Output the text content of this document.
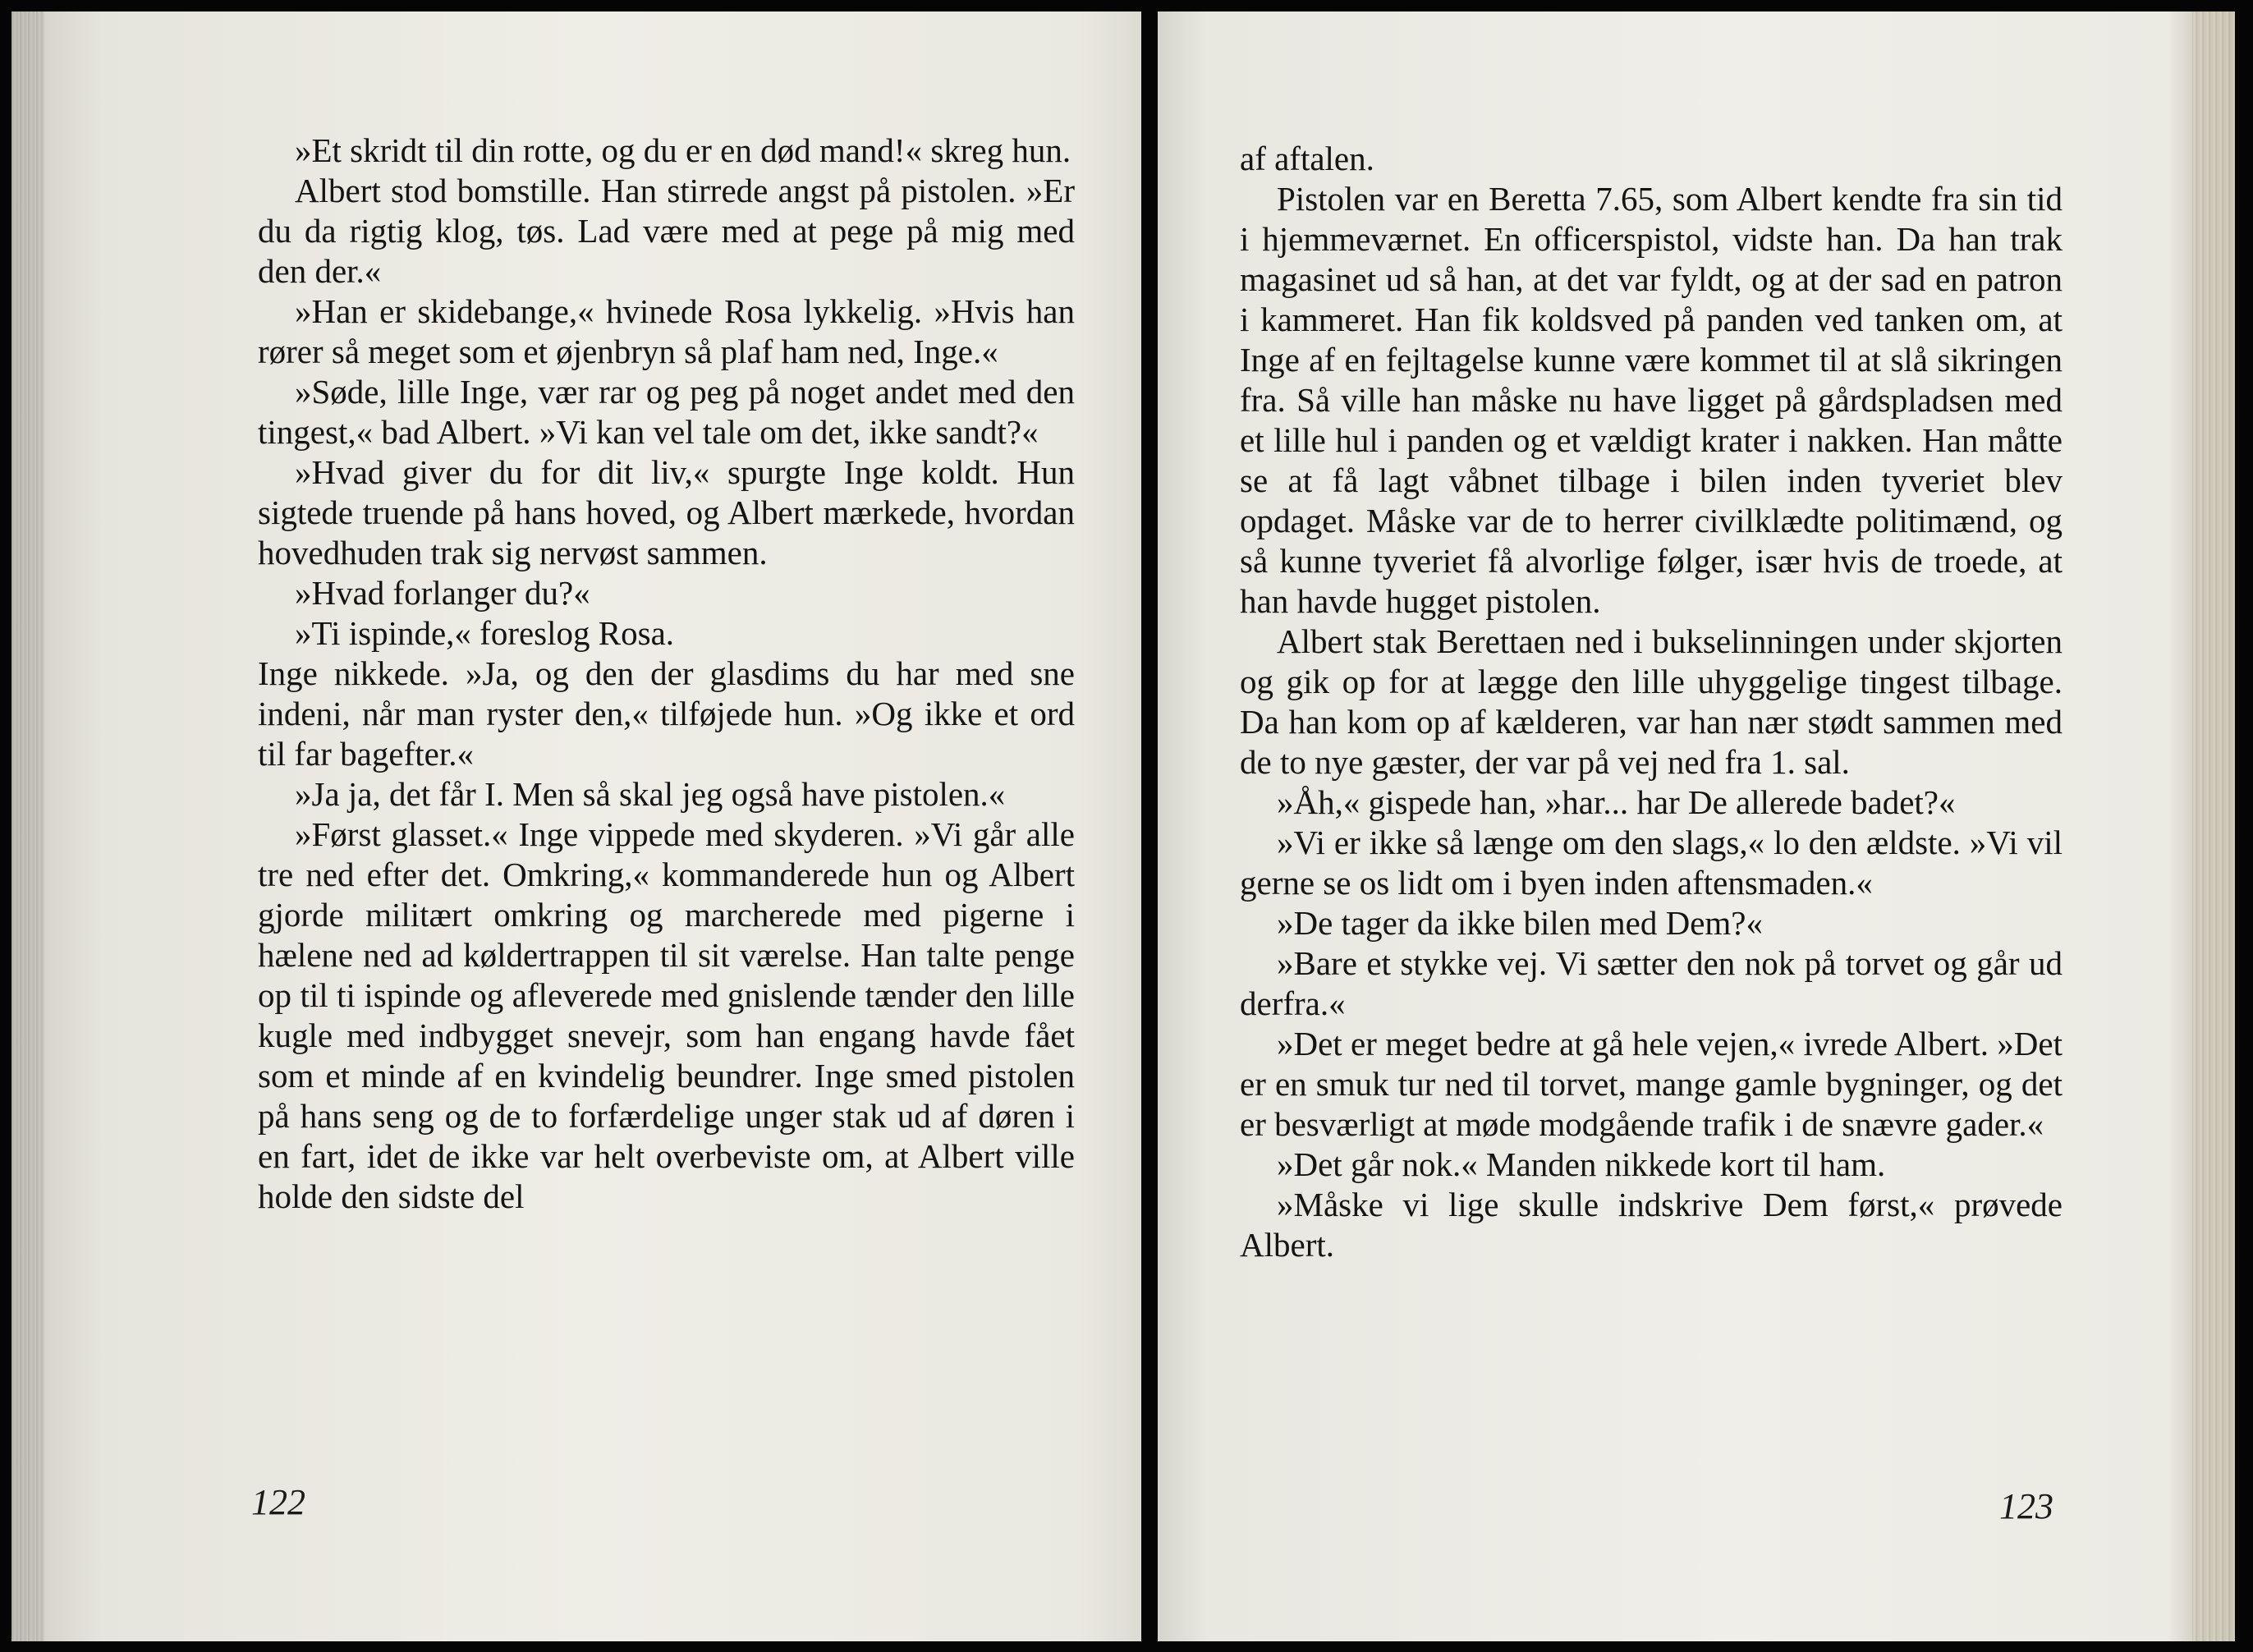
»Et skridt til din rotte, og du er en død mand!« skreg hun.

Albert stod bomstille. Han stirrede angst på pistolen. »Er du da rigtig klog, tøs. Lad være med at pege på mig med den der.«

»Han er skidebange,« hvinede Rosa lykkelig. »Hvis han rører så meget som et øjenbryn så plaf ham ned, Inge.«

»Søde, lille Inge, vær rar og peg på noget andet med den tingest,« bad Albert. »Vi kan vel tale om det, ikke sandt?«

»Hvad giver du for dit liv,« spurgte Inge koldt. Hun sigtede truende på hans hoved, og Albert mærkede, hvordan hovedhuden trak sig nervøst sammen.

»Hvad forlanger du?«

»Ti ispinde,« foreslog Rosa.

Inge nikkede. »Ja, og den der glasdims du har med sne indeni, når man ryster den,« tilføjede hun. »Og ikke et ord til far bagefter.«

»Ja ja, det får I. Men så skal jeg også have pistolen.«

»Først glasset.« Inge vippede med skyderen. »Vi går alle tre ned efter det. Omkring,« kommanderede hun og Albert gjorde militært omkring og marcherede med pigerne i hælene ned ad køldertrappen til sit værelse. Han talte penge op til ti ispinde og afleverede med gnislende tænder den lille kugle med indbygget snevejr, som han engang havde fået som et minde af en kvindelig beundrer. Inge smed pistolen på hans seng og de to forfærdelige unger stak ud af døren i en fart, idet de ikke var helt overbeviste om, at Albert ville holde den sidste del

122

af aftalen.

Pistolen var en Beretta 7.65, som Albert kendte fra sin tid i hjemmeværnet. En officerspistol, vidste han. Da han trak magasinet ud så han, at det var fyldt, og at der sad en patron i kammeret. Han fik koldsved på panden ved tanken om, at Inge af en fejltagelse kunne være kommet til at slå sikringen fra. Så ville han måske nu have ligget på gårdspladsen med et lille hul i panden og et vældigt krater i nakken. Han måtte se at få lagt våbnet tilbage i bilen inden tyveriet blev opdaget. Måske var de to herrer civilklædte politimænd, og så kunne tyveriet få alvorlige følger, især hvis de troede, at han havde hugget pistolen.

Albert stak Berettaen ned i bukselinningen under skjorten og gik op for at lægge den lille uhyggelige tingest tilbage. Da han kom op af kælderen, var han nær stødt sammen med de to nye gæster, der var på vej ned fra 1. sal.

»Åh,« gispede han, »har... har De allerede badet?«

»Vi er ikke så længe om den slags,« lo den ældste. »Vi vil gerne se os lidt om i byen inden aftensmaden.«

»De tager da ikke bilen med Dem?«

»Bare et stykke vej. Vi sætter den nok på torvet og går ud derfra.«

»Det er meget bedre at gå hele vejen,« ivrede Albert. »Det er en smuk tur ned til torvet, mange gamle bygninger, og det er besværligt at møde modgående trafik i de snævre gader.«

»Det går nok.« Manden nikkede kort til ham.

»Måske vi lige skulle indskrive Dem først,« prøvede Albert.

123
